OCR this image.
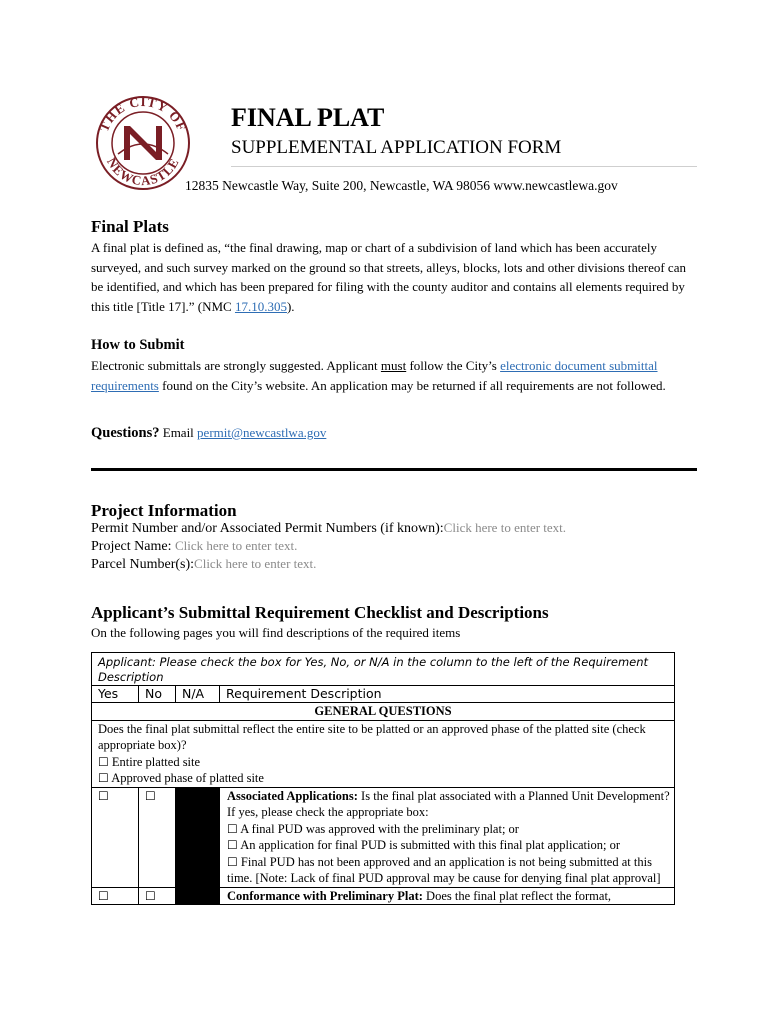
THE CITY OF
NEWCASTLE
FINAL PLAT
SUPPLEMENTAL APPLICATION FORM
12835 Newcastle Way, Suite 200, Newcastle, WA 98056 www.newcastlewa.gov
Final Plats
A final plat is defined as, “the final drawing, map or chart of a subdivision of land which has been accurately surveyed, and such survey marked on the ground so that streets, alleys, blocks, lots and other divisions thereof can be identified, and which has been prepared for filing with the county auditor and contains all elements required by this title [Title 17].” (NMC 17.10.305).
How to Submit
Electronic submittals are strongly suggested. Applicant must follow the City’s electronic document submittal requirements found on the City’s website. An application may be returned if all requirements are not followed.
Questions? Email permit@newcastlwa.gov
Project Information
Permit Number and/or Associated Permit Numbers (if known):Click here to enter text.
Project Name: Click here to enter text.
Parcel Number(s):Click here to enter text.
Applicant’s Submittal Requirement Checklist and Descriptions
On the following pages you will find descriptions of the required items
Applicant: Please check the box for Yes, No, or N/A in the column to the left of the Requirement Description			
Yes	No	N/A	Requirement Description
GENERAL QUESTIONS			

Does the final plat submittal reflect the entire site to be platted or an approved phase of the platted site (check appropriate box)?
☐ Entire platted site
☐ Approved phase of platted site			

☐	☐		Associated Applications: Is the final plat associated with a Planned Unit Development? If yes, please check the appropriate box:
☐ A final PUD was approved with the preliminary plat; or
☐ An application for final PUD is submitted with this final plat application; or
☐ Final PUD has not been approved and an application is not being submitted at this time. [Note: Lack of final PUD approval may be cause for denying final plat approval]

☐	☐		Conformance with Preliminary Plat: Does the final plat reflect the format,
